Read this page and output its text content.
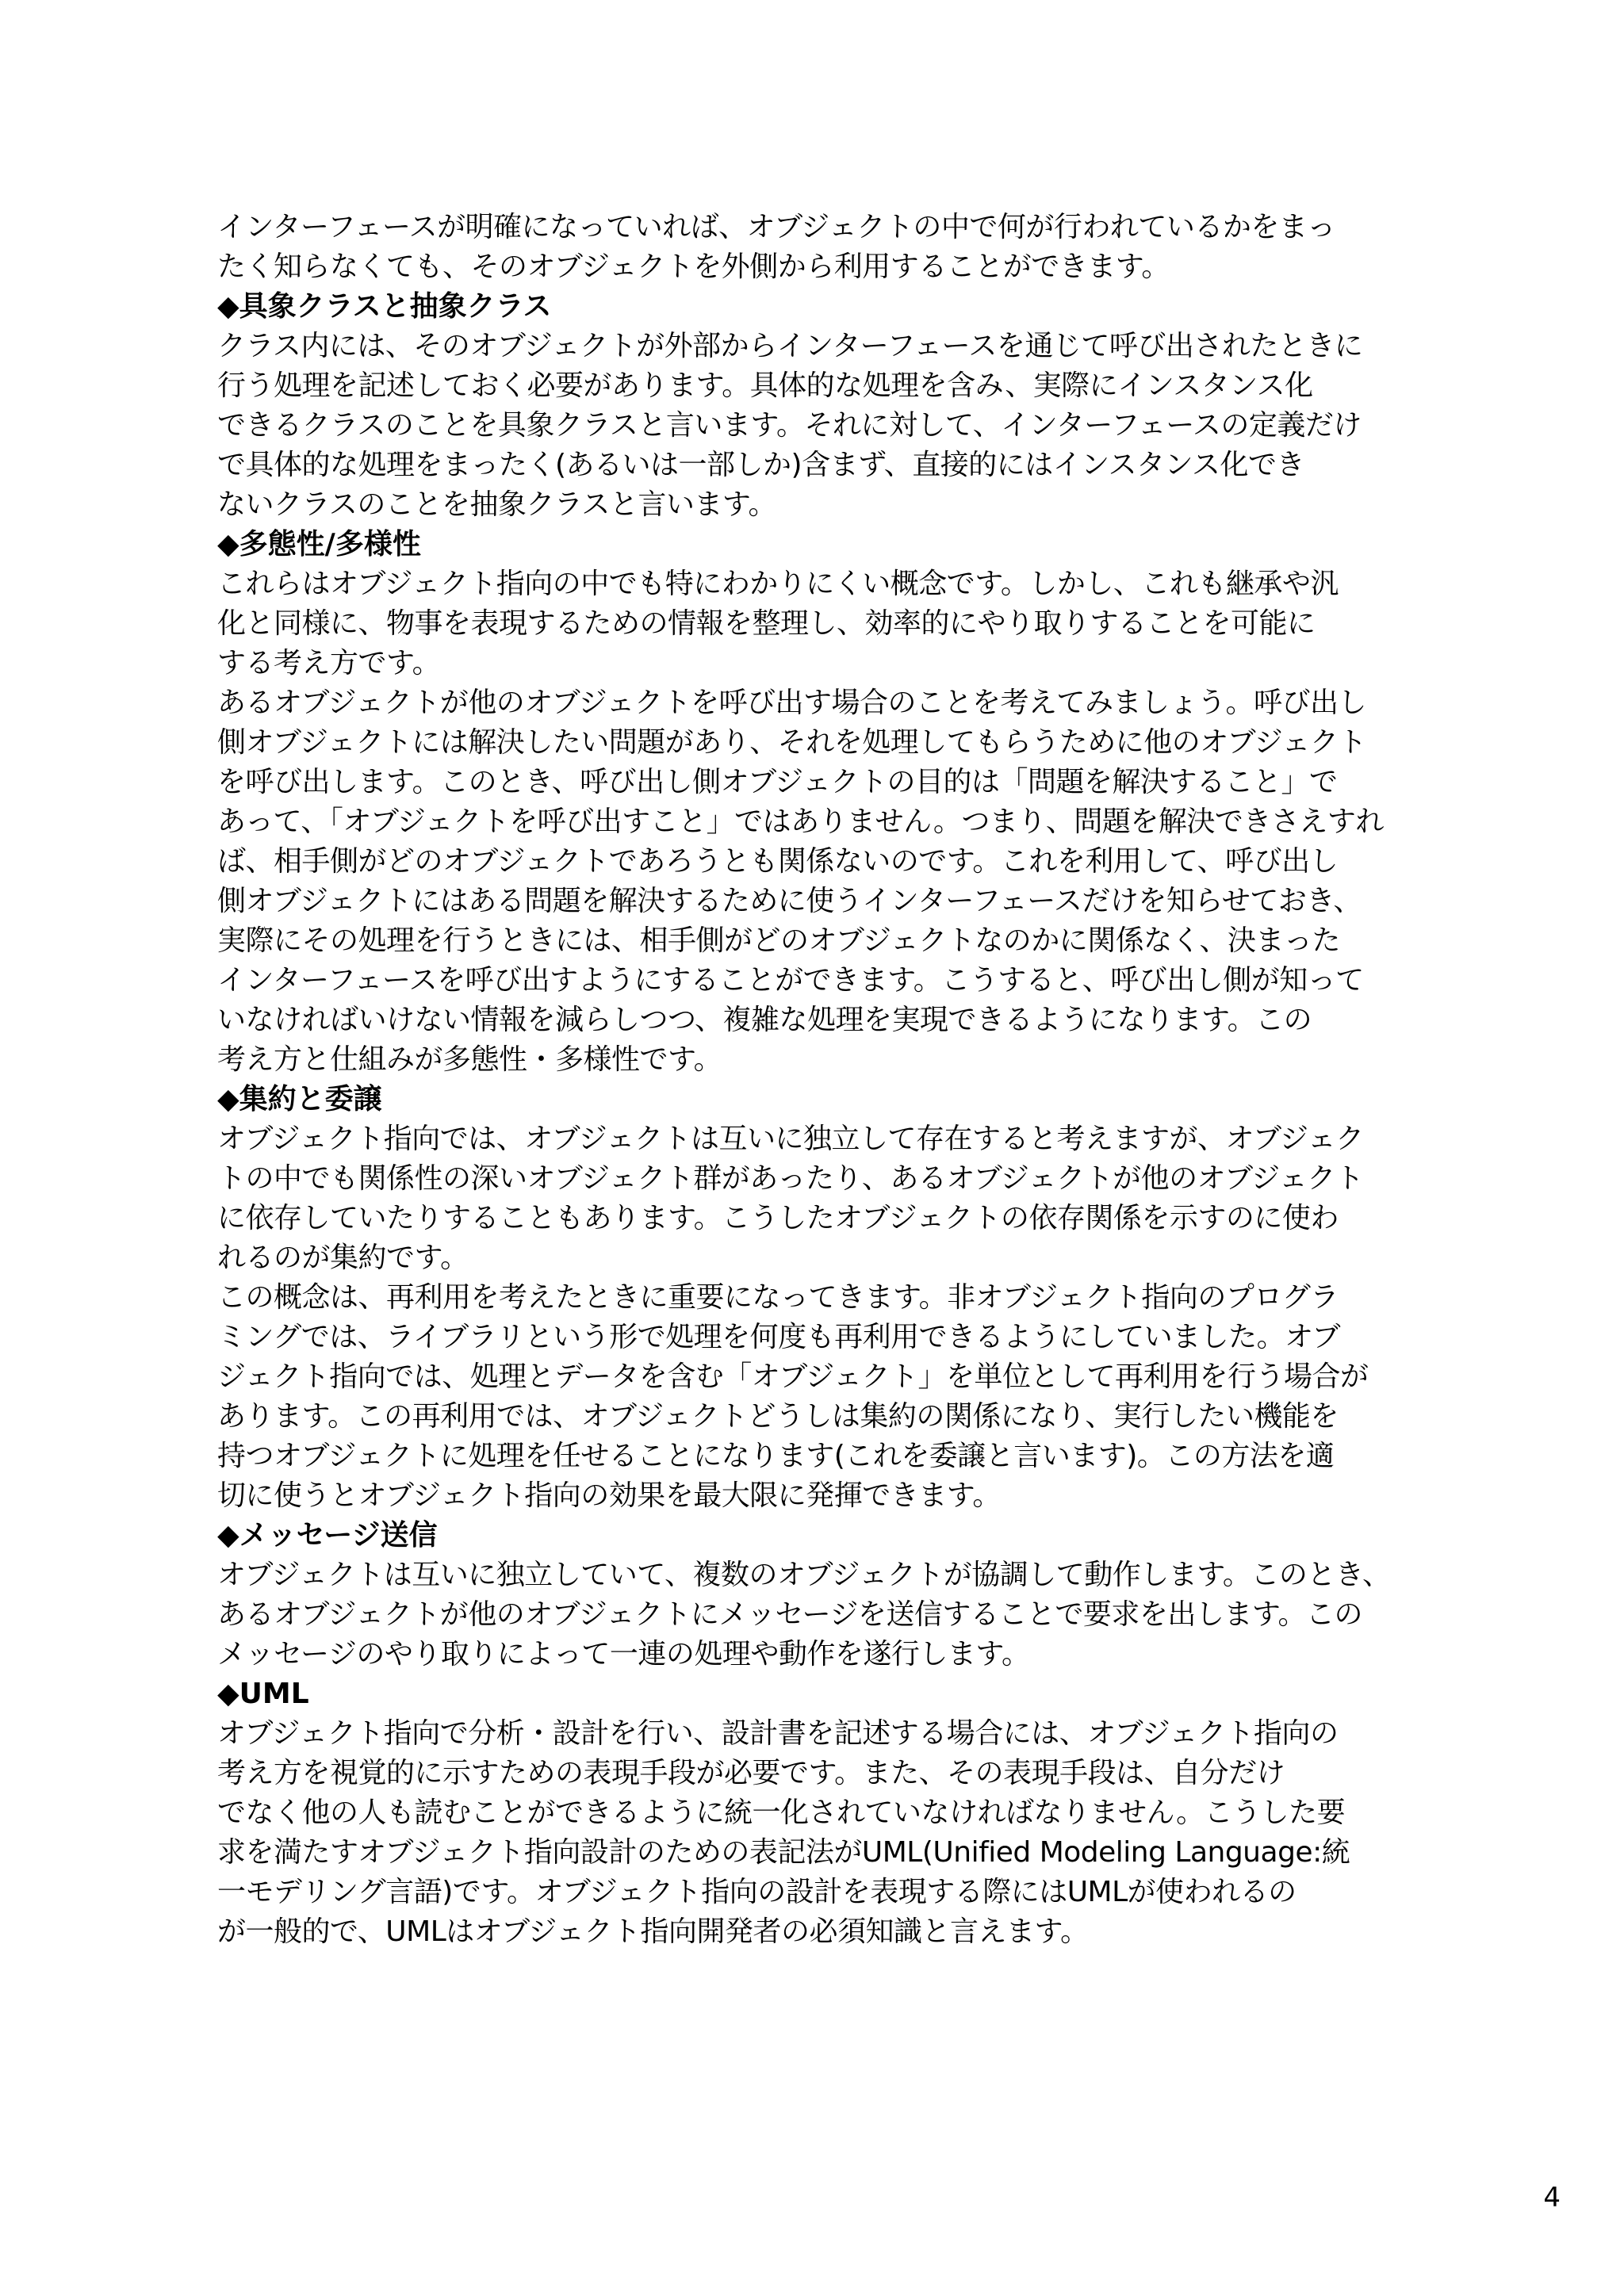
インターフェースが明確になっていれば、オブジェクトの中で何が行われているかをまっ
たく知らなくても、そのオブジェクトを外側から利用することができます。
◆具象クラスと抽象クラス
クラス内には、そのオブジェクトが外部からインターフェースを通じて呼び出されたときに
行う処理を記述しておく必要があります。具体的な処理を含み、実際にインスタンス化
できるクラスのことを具象クラスと言います。それに対して、インターフェースの定義だけ
で具体的な処理をまったく(あるいは一部しか)含まず、直接的にはインスタンス化でき
ないクラスのことを抽象クラスと言います。
◆多態性/多様性
これらはオブジェクト指向の中でも特にわかりにくい概念です。しかし、これも継承や汎
化と同様に、物事を表現するための情報を整理し、効率的にやり取りすることを可能に
する考え方です。
あるオブジェクトが他のオブジェクトを呼び出す場合のことを考えてみましょう。呼び出し
側オブジェクトには解決したい問題があり、それを処理してもらうために他のオブジェクト
を呼び出します。このとき、呼び出し側オブジェクトの目的は「問題を解決すること」で
あって、「オブジェクトを呼び出すこと」ではありません。つまり、問題を解決できさえすれ
ば、相手側がどのオブジェクトであろうとも関係ないのです。これを利用して、呼び出し
側オブジェクトにはある問題を解決するために使うインターフェースだけを知らせておき、
実際にその処理を行うときには、相手側がどのオブジェクトなのかに関係なく、決まった
インターフェースを呼び出すようにすることができます。こうすると、呼び出し側が知って
いなければいけない情報を減らしつつ、複雑な処理を実現できるようになります。この
考え方と仕組みが多態性・多様性です。
◆集約と委譲
オブジェクト指向では、オブジェクトは互いに独立して存在すると考えますが、オブジェク
トの中でも関係性の深いオブジェクト群があったり、あるオブジェクトが他のオブジェクト
に依存していたりすることもあります。こうしたオブジェクトの依存関係を示すのに使わ
れるのが集約です。
この概念は、再利用を考えたときに重要になってきます。非オブジェクト指向のプログラ
ミングでは、ライブラリという形で処理を何度も再利用できるようにしていました。オブ
ジェクト指向では、処理とデータを含む「オブジェクト」を単位として再利用を行う場合が
あります。この再利用では、オブジェクトどうしは集約の関係になり、実行したい機能を
持つオブジェクトに処理を任せることになります(これを委譲と言います)。この方法を適
切に使うとオブジェクト指向の効果を最大限に発揮できます。
◆メッセージ送信
オブジェクトは互いに独立していて、複数のオブジェクトが協調して動作します。このとき、
あるオブジェクトが他のオブジェクトにメッセージを送信することで要求を出します。この
メッセージのやり取りによって一連の処理や動作を遂行します。
◆UML
オブジェクト指向で分析・設計を行い、設計書を記述する場合には、オブジェクト指向の
考え方を視覚的に示すための表現手段が必要です。また、その表現手段は、自分だけ
でなく他の人も読むことができるように統一化されていなければなりません。こうした要
求を満たすオブジェクト指向設計のための表記法がUML(Unified Modeling Language:統
一モデリング言語)です。オブジェクト指向の設計を表現する際にはUMLが使われるの
が一般的で、UMLはオブジェクト指向開発者の必須知識と言えます。
4
